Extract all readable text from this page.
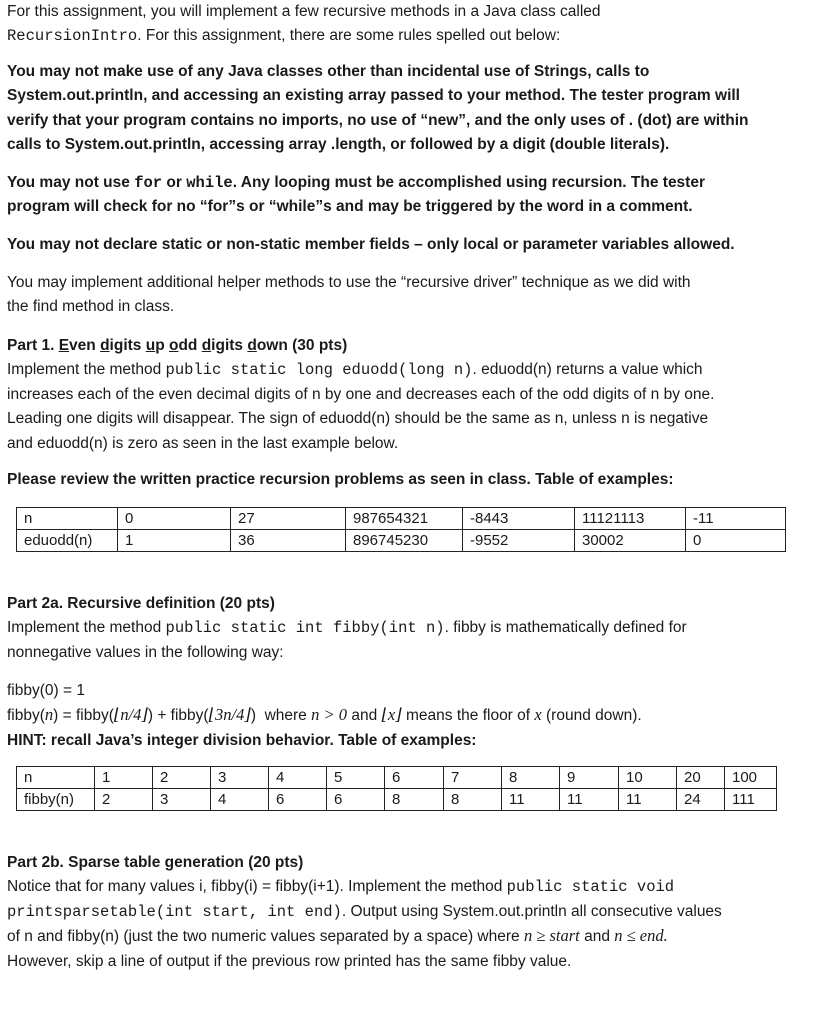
For this assignment, you will implement a few recursive methods in a Java class called

RecursionIntro. For this assignment, there are some rules spelled out below:

You may not make use of any Java classes other than incidental use of Strings, calls to

System.out.println, and accessing an existing array passed to your method. The tester program will

verify that your program contains no imports, no use of “new”, and the only uses of . (dot) are within

calls to System.out.println, accessing array .length, or followed by a digit (double literals).

You may not use for or while. Any looping must be accomplished using recursion. The tester

program will check for no “for”s or “while”s and may be triggered by the word in a comment.

You may not declare static or non-static member fields – only local or parameter variables allowed.

You may implement additional helper methods to use the “recursive driver” technique as we did with

the find method in class.

Part 1. Even digits up odd digits down (30 pts)

Implement the method public static long eduodd(long n). eduodd(n) returns a value which

increases each of the even decimal digits of n by one and decreases each of the odd digits of n by one.

Leading one digits will disappear. The sign of eduodd(n) should be the same as n, unless n is negative

and eduodd(n) is zero as seen in the last example below.

Please review the written practice recursion problems as seen in class. Table of examples:

n	0	27	987654321	-8443	11121113	-11
eduodd(n)	1	36	896745230	-9552	30002	0

Part 2a. Recursive definition (20 pts)

Implement the method public static int fibby(int n). fibby is mathematically defined for

nonnegative values in the following way:

fibby(0) = 1

fibby(n) = fibby(⌊n/4⌋) + fibby(⌊3n/4⌋)  where n > 0 and ⌊x⌋ means the floor of x (round down).

HINT: recall Java’s integer division behavior. Table of examples:

n	1	2	3	4	5	6	7	8	9	10	20	100
fibby(n)	2	3	4	6	6	8	8	11	11	11	24	111

Part 2b. Sparse table generation (20 pts)

Notice that for many values i, fibby(i) = fibby(i+1). Implement the method public static void

printsparsetable(int start, int end). Output using System.out.println all consecutive values

of n and fibby(n) (just the two numeric values separated by a space) where n ≥ start and n ≤ end.

However, skip a line of output if the previous row printed has the same fibby value.
